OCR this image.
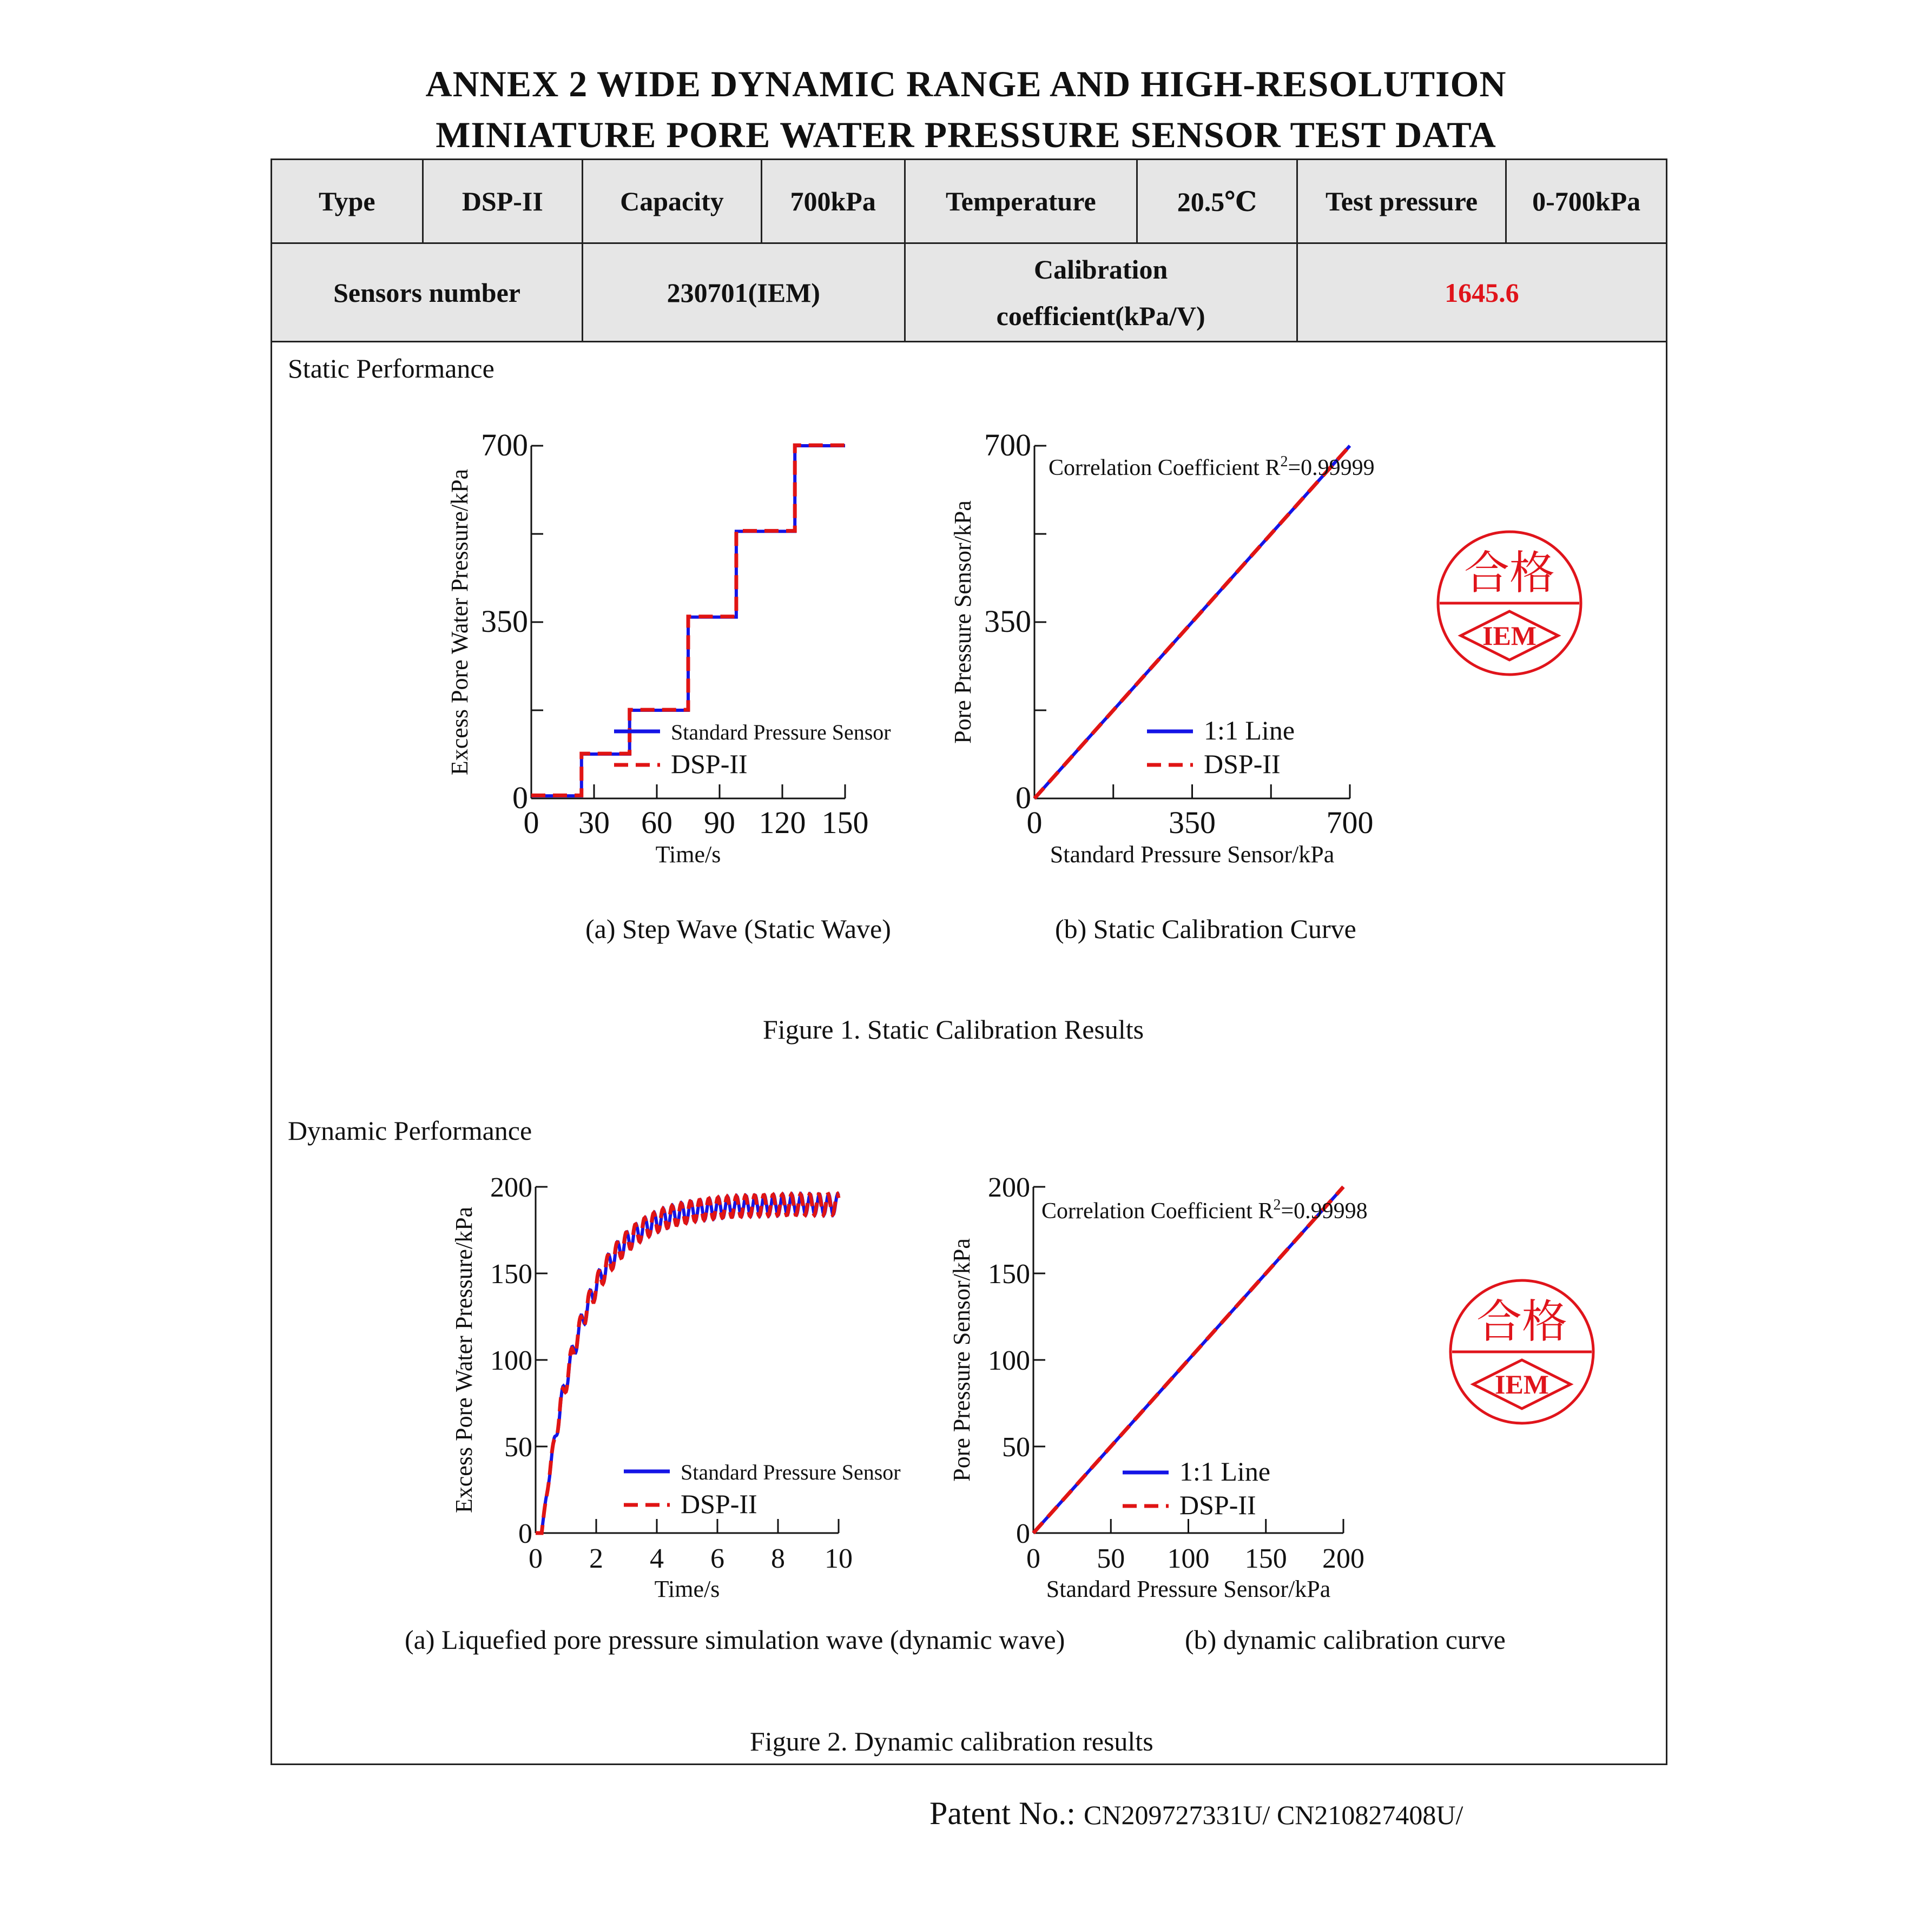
ANNEX 2 WIDE DYNAMIC RANGE AND HIGH-RESOLUTION
MINIATURE PORE WATER PRESSURE SENSOR TEST DATA
Type	DSP-II	Capacity	700kPa	Temperature	20.5℃	Test pressure	0-700kPa
Sensors number		230701(IEM)		Calibration
coefficient(kPa/V)		1645.6	
Static Performance
0
350
700
0 30 60 90 120 150
Time/s
Excess Pore Water Pressure/kPa	Standard Pressure Sensor
DSP-II
0
350
700
0	350	700
Standard Pressure Sensor/kPa
Pore Pressure Sensor/kPa	1:1 Line
DSP-II
Correlation Coefficient $R^2=0.99999$
(a) Step Wave (Static Wave)	(b) Static Calibration Curve
Figure 1. Static Calibration Results
Dynamic Performance
0
50
100
150
200
0 2 4 6 8 10
Time/s
Excess Pore Water Pressure/kPa	Standard Pressure Sensor
DSP-II
0
50
100
150
200
0 50 100 150 200
Standard Pressure Sensor/kPa
Pore Pressure Sensor/kPa	1:1 Line
DSP-II
Correlation Coefficient $R^2=0.99998$
(a) Liquefied pore pressure simulation wave (dynamic wave)	(b) dynamic calibration curve
Figure 2. Dynamic calibration results
合格
IEM
合格
IEM
Patent No.: CN209727331U/ CN210827408U/
